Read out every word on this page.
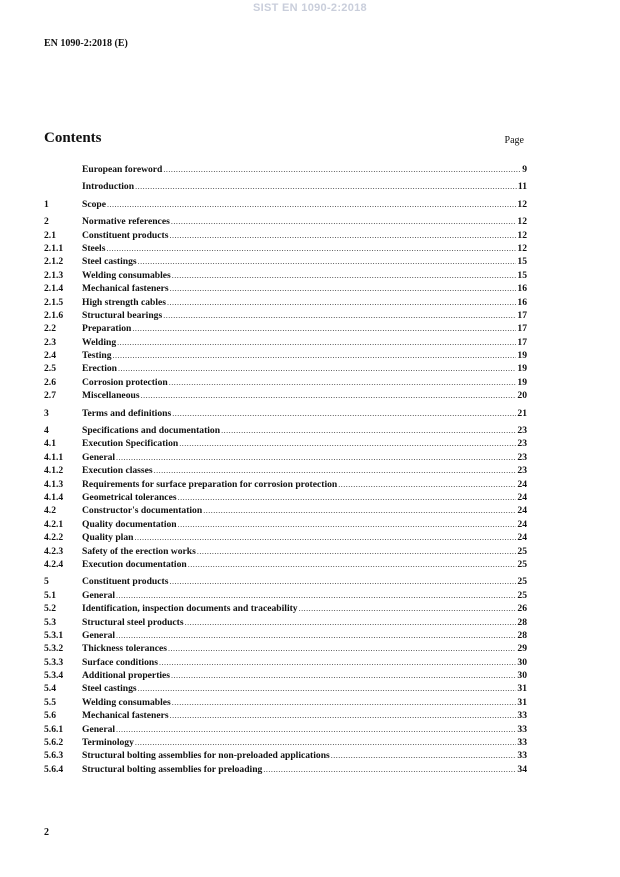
SIST EN 1090-2:2018
EN 1090-2:2018 (E)
Contents	Page
European foreword .....	9
Introduction .....	11
1	Scope .....	12
2	Normative references .....	12
2.1	Constituent products .....	12
2.1.1	Steels .....	12
2.1.2	Steel castings .....	15
2.1.3	Welding consumables .....	15
2.1.4	Mechanical fasteners .....	16
2.1.5	High strength cables .....	16
2.1.6	Structural bearings .....	17
2.2	Preparation .....	17
2.3	Welding .....	17
2.4	Testing .....	19
2.5	Erection .....	19
2.6	Corrosion protection .....	19
2.7	Miscellaneous .....	20
3	Terms and definitions .....	21
4	Specifications and documentation .....	23
4.1	Execution Specification .....	23
4.1.1	General .....	23
4.1.2	Execution classes .....	23
4.1.3	Requirements for surface preparation for corrosion protection .....	24
4.1.4	Geometrical tolerances .....	24
4.2	Constructor's documentation .....	24
4.2.1	Quality documentation .....	24
4.2.2	Quality plan .....	24
4.2.3	Safety of the erection works .....	25
4.2.4	Execution documentation .....	25
5	Constituent products .....	25
5.1	General .....	25
5.2	Identification, inspection documents and traceability .....	26
5.3	Structural steel products .....	28
5.3.1	General .....	28
5.3.2	Thickness tolerances .....	29
5.3.3	Surface conditions .....	30
5.3.4	Additional properties .....	30
5.4	Steel castings .....	31
5.5	Welding consumables .....	31
5.6	Mechanical fasteners .....	33
5.6.1	General .....	33
5.6.2	Terminology .....	33
5.6.3	Structural bolting assemblies for non-preloaded applications .....	33
5.6.4	Structural bolting assemblies for preloading .....	34
2
